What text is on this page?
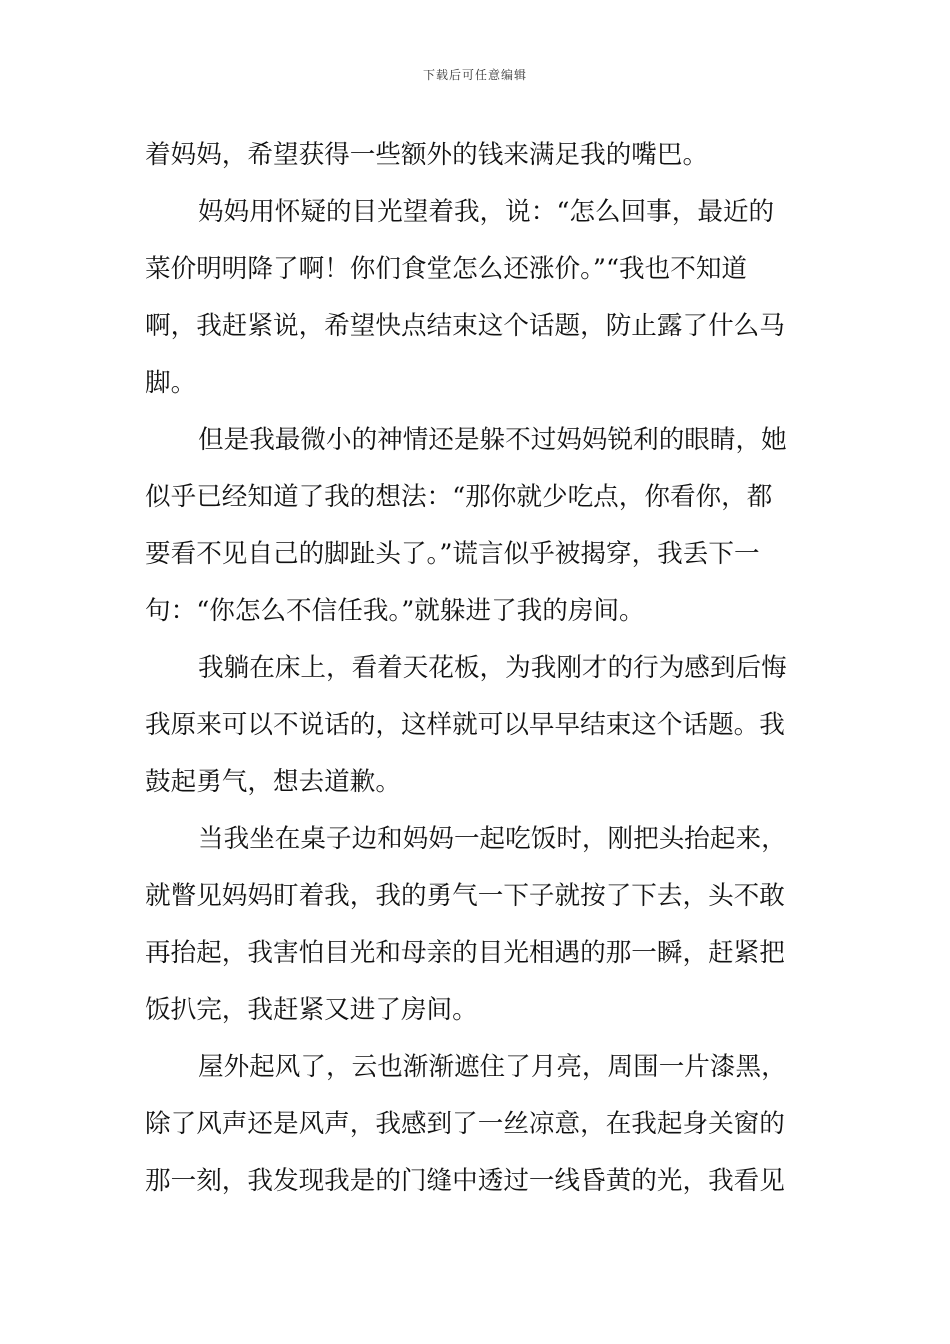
下载后可任意编辑
着妈妈，希望获得一些额外的钱来满足我的嘴巴。
妈妈用怀疑的目光望着我，说：“怎么回事，最近的
菜价明明降了啊！你们食堂怎么还涨价。”“我也不知道
啊，我赶紧说，希望快点结束这个话题，防止露了什么马
脚。
但是我最微小的神情还是躲不过妈妈锐利的眼睛，她
似乎已经知道了我的想法：“那你就少吃点，你看你，都
要看不见自己的脚趾头了。”谎言似乎被揭穿，我丢下一
句：“你怎么不信任我。”就躲进了我的房间。
我躺在床上，看着天花板，为我刚才的行为感到后悔
我原来可以不说话的，这样就可以早早结束这个话题。我
鼓起勇气，想去道歉。
当我坐在桌子边和妈妈一起吃饭时，刚把头抬起来，
就瞥见妈妈盯着我，我的勇气一下子就按了下去，头不敢
再抬起，我害怕目光和母亲的目光相遇的那一瞬，赶紧把
饭扒完，我赶紧又进了房间。
屋外起风了，云也渐渐遮住了月亮，周围一片漆黑，
除了风声还是风声，我感到了一丝凉意，在我起身关窗的
那一刻，我发现我是的门缝中透过一线昏黄的光，我看见
